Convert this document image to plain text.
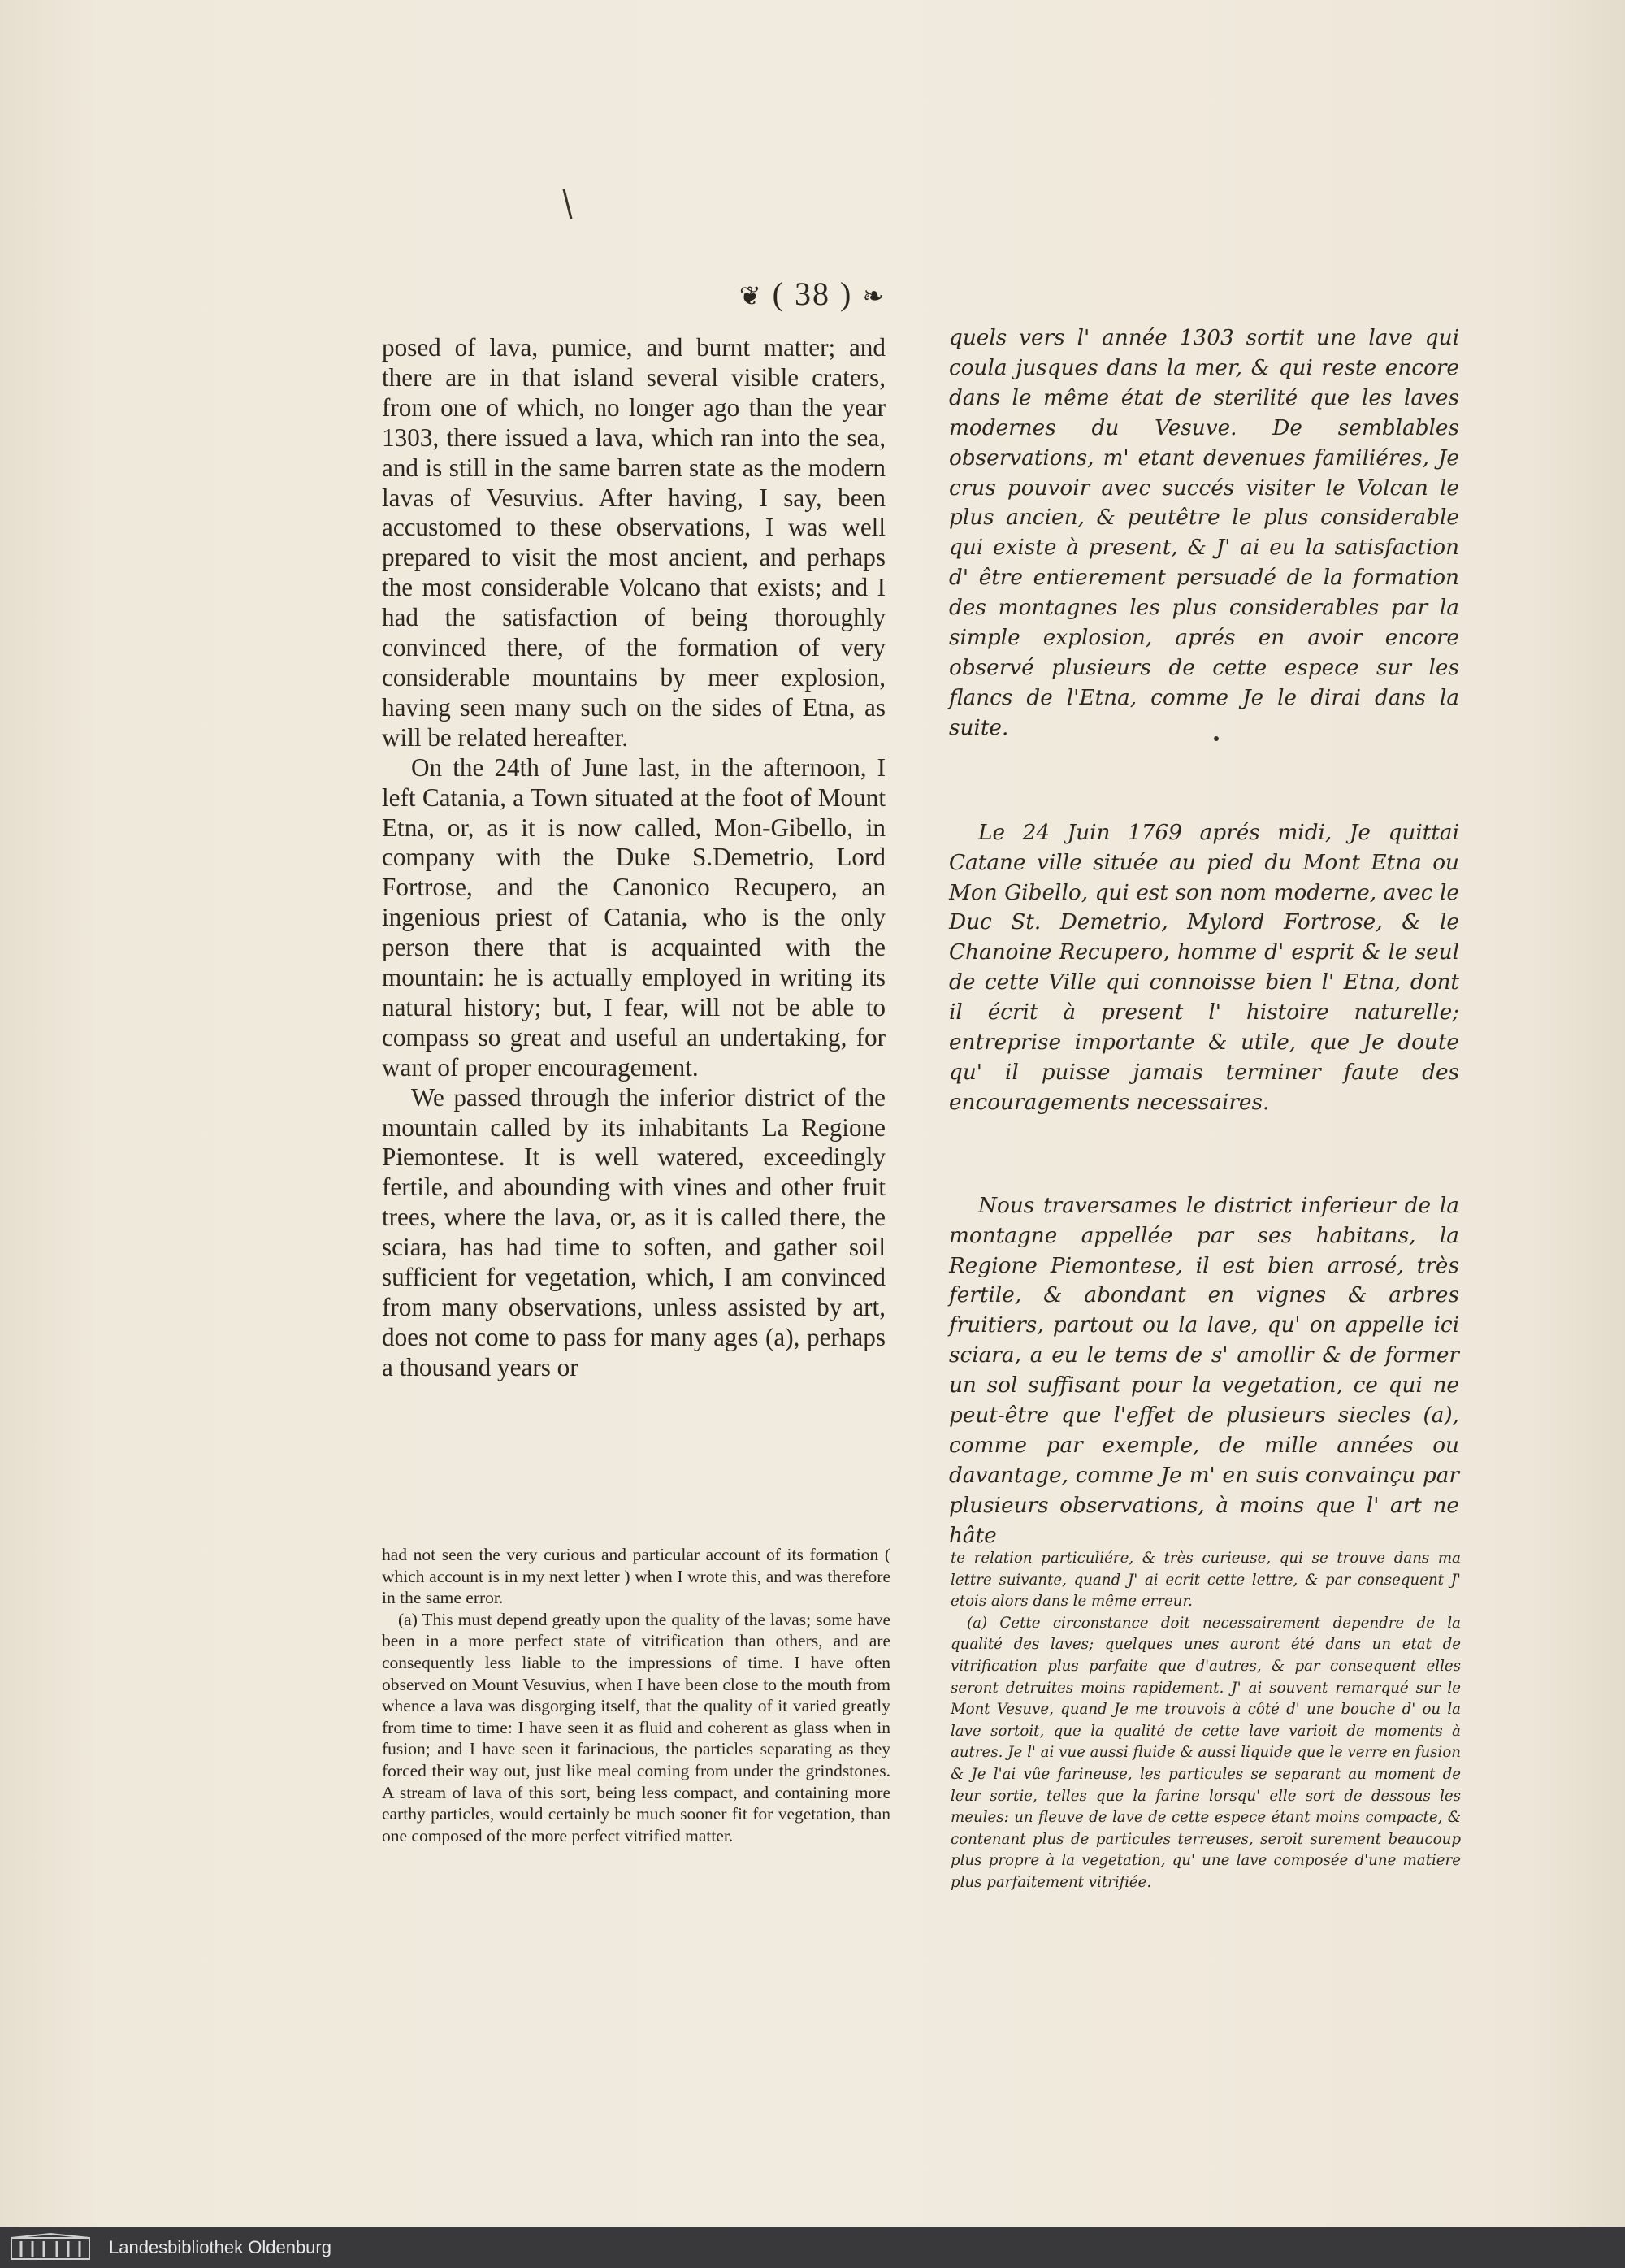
❦ ( 38 ) ❧

posed of lava, pumice, and burnt matter; and there are in that island several visible craters, from one of which, no longer ago than the year 1303, there issued a lava, which ran into the sea, and is still in the same barren state as the modern lavas of Vesuvius. After having, I say, been accustomed to these observations, I was well prepared to visit the most ancient, and perhaps the most considerable Volcano that exists; and I had the satisfaction of being thoroughly convinced there, of the formation of very considerable mountains by meer explosion, having seen many such on the sides of Etna, as will be related hereafter.

On the 24th of June last, in the afternoon, I left Catania, a Town situated at the foot of Mount Etna, or, as it is now called, Mon-Gibello, in company with the Duke S.Demetrio, Lord Fortrose, and the Canonico Recupero, an ingenious priest of Catania, who is the only person there that is acquainted with the mountain: he is actually employed in writing its natural history; but, I fear, will not be able to compass so great and useful an undertaking, for want of proper encouragement.

We passed through the inferior district of the mountain called by its inhabitants La Regione Piemontese. It is well watered, exceedingly fertile, and abounding with vines and other fruit trees, where the lava, or, as it is called there, the sciara, has had time to soften, and gather soil sufficient for vegetation, which, I am convinced from many observations, unless assisted by art, does not come to pass for many ages (a), perhaps a thousand years or

quels vers l' année 1303 sortit une lave qui coula jusques dans la mer, & qui reste encore dans le même état de sterilité que les laves modernes du Vesuve. De semblables observations, m' etant devenues familiéres, Je crus pouvoir avec succés visiter le Volcan le plus ancien, & peutêtre le plus considerable qui existe à present, & J' ai eu la satisfaction d' être entierement persuadé de la formation des montagnes les plus considerables par la simple explosion, aprés en avoir encore observé plusieurs de cette espece sur les flancs de l'Etna, comme Je le dirai dans la suite.

Le 24 Juin 1769 aprés midi, Je quittai Catane ville située au pied du Mont Etna ou Mon Gibello, qui est son nom moderne, avec le Duc St. Demetrio, Mylord Fortrose, & le Chanoine Recupero, homme d' esprit & le seul de cette Ville qui connoisse bien l' Etna, dont il écrit à present l' histoire naturelle; entreprise importante & utile, que Je doute qu' il puisse jamais terminer faute des encouragements necessaires.

Nous traversames le district inferieur de la montagne appellée par ses habitans, la Regione Piemontese, il est bien arrosé, très fertile, & abondant en vignes & arbres fruitiers, partout ou la lave, qu' on appelle ici sciara, a eu le tems de s' amollir & de former un sol suffisant pour la vegetation, ce qui ne peut-être que l'effet de plusieurs siecles (a), comme par exemple, de mille années ou davantage, comme Je m' en suis convainçu par plusieurs observations, à moins que l' art ne hâte

had not seen the very curious and particular account of its formation ( which account is in my next letter ) when I wrote this, and was therefore in the same error.

(a) This must depend greatly upon the quality of the lavas; some have been in a more perfect state of vitrification than others, and are consequently less liable to the impressions of time. I have often observed on Mount Vesuvius, when I have been close to the mouth from whence a lava was disgorging itself, that the quality of it varied greatly from time to time: I have seen it as fluid and coherent as glass when in fusion; and I have seen it farinacious, the particles separating as they forced their way out, just like meal coming from under the grindstones. A stream of lava of this sort, being less compact, and containing more earthy particles, would certainly be much sooner fit for vegetation, than one composed of the more perfect vitrified matter.

te relation particuliére, & très curieuse, qui se trouve dans ma lettre suivante, quand J' ai ecrit cette lettre, & par consequent J' etois alors dans le même erreur.

(a) Cette circonstance doit necessairement dependre de la qualité des laves; quelques unes auront été dans un etat de vitrification plus parfaite que d'autres, & par consequent elles seront detruites moins rapidement. J' ai souvent remarqué sur le Mont Vesuve, quand Je me trouvois à côté d' une bouche d' ou la lave sortoit, que la qualité de cette lave varioit de moments à autres. Je l' ai vue aussi fluide & aussi liquide que le verre en fusion & Je l'ai vûe farineuse, les particules se separant au moment de leur sortie, telles que la farine lorsqu' elle sort de dessous les meules: un fleuve de lave de cette espece étant moins compacte, & contenant plus de particules terreuses, seroit surement beaucoup plus propre à la vegetation, qu' une lave composée d'une matiere plus parfaitement vitrifiée.

Landesbibliothek Oldenburg
